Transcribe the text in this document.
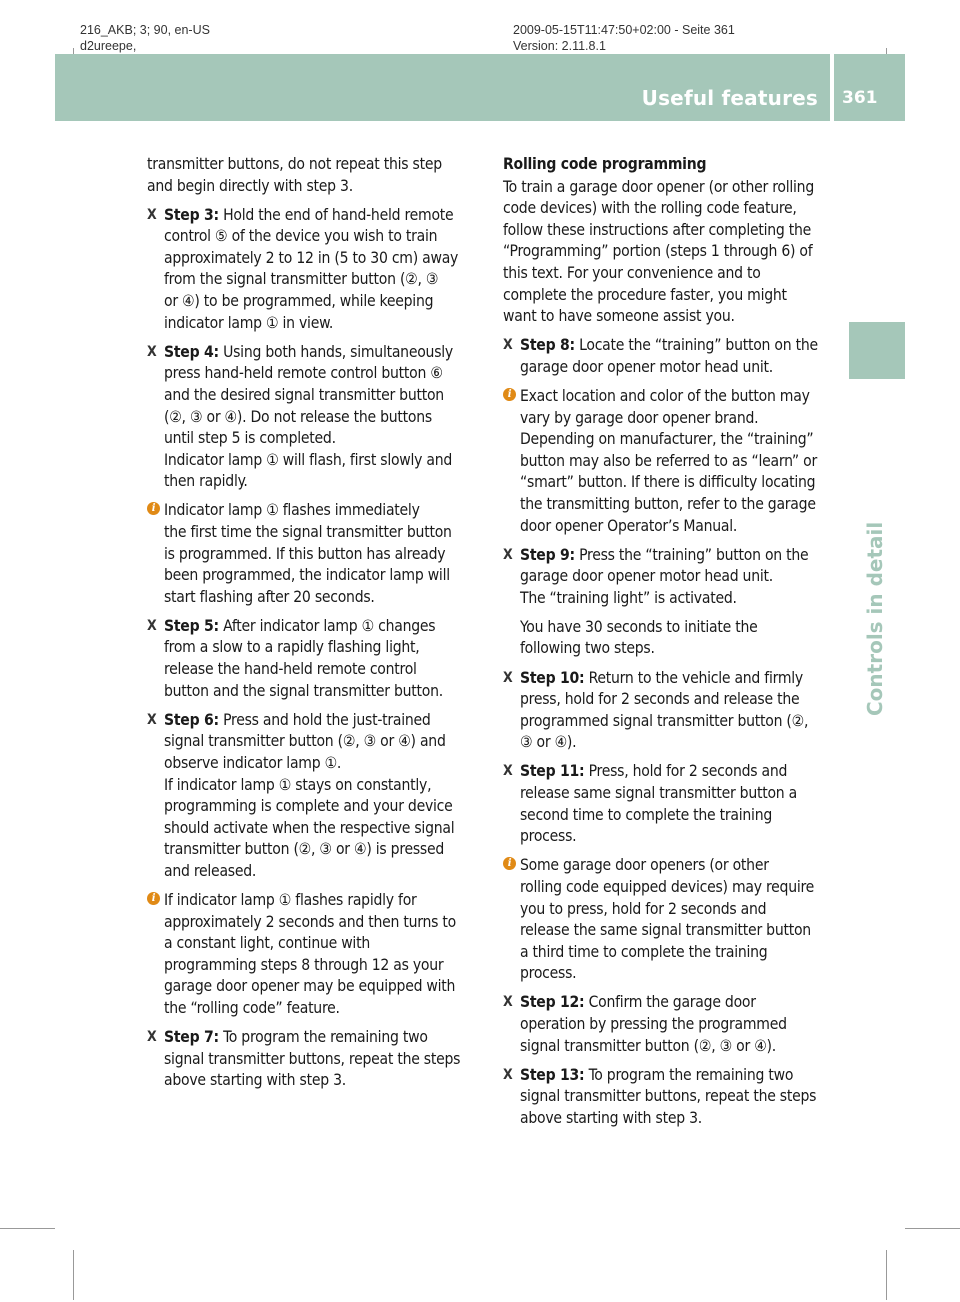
216_AKB; 3; 90, en-US
d2ureepe,
2009-05-15T11:47:50+02:00 - Seite 361
Version: 2.11.8.1
Useful features 361
Controls in detail
transmitter buttons, do not repeat this step
and begin directly with step 3.
X Step 3: Hold the end of hand-held remote
control ⑤ of the device you wish to train
approximately 2 to 12 in (5 to 30 cm) away
from the signal transmitter button (②, ③
or ④) to be programmed, while keeping
indicator lamp ① in view.
X Step 4: Using both hands, simultaneously
press hand-held remote control button ⑥
and the desired signal transmitter button
(②, ③ or ④). Do not release the buttons
until step 5 is completed.
Indicator lamp ① will flash, first slowly and
then rapidly.
i Indicator lamp ① flashes immediately
the first time the signal transmitter button
is programmed. If this button has already
been programmed, the indicator lamp will
start flashing after 20 seconds.
X Step 5: After indicator lamp ① changes
from a slow to a rapidly flashing light,
release the hand-held remote control
button and the signal transmitter button.
X Step 6: Press and hold the just-trained
signal transmitter button (②, ③ or ④) and
observe indicator lamp ①.
If indicator lamp ① stays on constantly,
programming is complete and your device
should activate when the respective signal
transmitter button (②, ③ or ④) is pressed
and released.
i If indicator lamp ① flashes rapidly for
approximately 2 seconds and then turns to
a constant light, continue with
programming steps 8 through 12 as your
garage door opener may be equipped with
the “rolling code” feature.
X Step 7: To program the remaining two
signal transmitter buttons, repeat the steps
above starting with step 3.
Rolling code programming
To train a garage door opener (or other rolling
code devices) with the rolling code feature,
follow these instructions after completing the
“Programming” portion (steps 1 through 6) of
this text. For your convenience and to
complete the procedure faster, you might
want to have someone assist you.
X Step 8: Locate the “training” button on the
garage door opener motor head unit.
i Exact location and color of the button may
vary by garage door opener brand.
Depending on manufacturer, the “training”
button may also be referred to as “learn” or
“smart” button. If there is difficulty locating
the transmitting button, refer to the garage
door opener Operator’s Manual.
X Step 9: Press the “training” button on the
garage door opener motor head unit.
The “training light” is activated.
You have 30 seconds to initiate the
following two steps.
X Step 10: Return to the vehicle and firmly
press, hold for 2 seconds and release the
programmed signal transmitter button (②,
③ or ④).
X Step 11: Press, hold for 2 seconds and
release same signal transmitter button a
second time to complete the training
process.
i Some garage door openers (or other
rolling code equipped devices) may require
you to press, hold for 2 seconds and
release the same signal transmitter button
a third time to complete the training
process.
X Step 12: Confirm the garage door
operation by pressing the programmed
signal transmitter button (②, ③ or ④).
X Step 13: To program the remaining two
signal transmitter buttons, repeat the steps
above starting with step 3.
